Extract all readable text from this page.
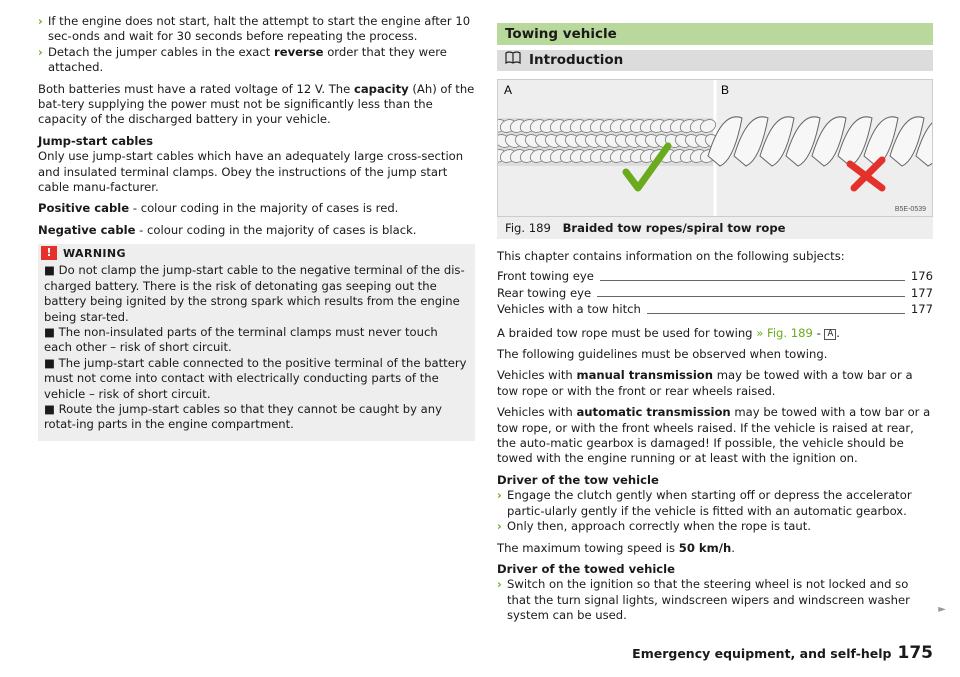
› If the engine does not start, halt the attempt to start the engine after 10 sec-onds and wait for 30 seconds before repeating the process.
› Detach the jumper cables in the exact reverse order that they were attached.

Both batteries must have a rated voltage of 12 V. The capacity (Ah) of the bat-tery supplying the power must not be significantly less than the capacity of the discharged battery in your vehicle.

Jump-start cables
Only use jump-start cables which have an adequately large cross-section and insulated terminal clamps. Obey the instructions of the jump start cable manu-facturer.

Positive cable - colour coding in the majority of cases is red.

Negative cable - colour coding in the majority of cases is black.

!	WARNING
■ Do not clamp the jump-start cable to the negative terminal of the dis-charged battery. There is the risk of detonating gas seeping out the battery being ignited by the strong spark which results from the engine being star-ted.
■ The non-insulated parts of the terminal clamps must never touch each other – risk of short circuit.
■ The jump-start cable connected to the positive terminal of the battery must not come into contact with electrically conducting parts of the vehicle – risk of short circuit.
■ Route the jump-start cables so that they cannot be caught by any rotat-ing parts in the engine compartment.
Towing vehicle
Introduction
A	B
B5E-0539
Fig. 189 Braided tow ropes/spiral tow rope

This chapter contains information on the following subjects:

Front towing eye	176
Rear towing eye	177
Vehicles with a tow hitch	177

A braided tow rope must be used for towing » Fig. 189 - A .

The following guidelines must be observed when towing.

Vehicles with manual transmission may be towed with a tow bar or a tow rope or with the front or rear wheels raised.

Vehicles with automatic transmission may be towed with a tow bar or a tow rope, or with the front wheels raised. If the vehicle is raised at rear, the auto-matic gearbox is damaged! If possible, the vehicle should be towed with the engine running or at least with the ignition on.

Driver of the tow vehicle
› Engage the clutch gently when starting off or depress the accelerator partic-ularly gently if the vehicle is fitted with an automatic gearbox.
› Only then, approach correctly when the rope is taut.

The maximum towing speed is 50 km/h.

Driver of the towed vehicle
› Switch on the ignition so that the steering wheel is not locked and so that the turn signal lights, windscreen wipers and windscreen washer system can be used.	►
Emergency equipment, and self-help 175
